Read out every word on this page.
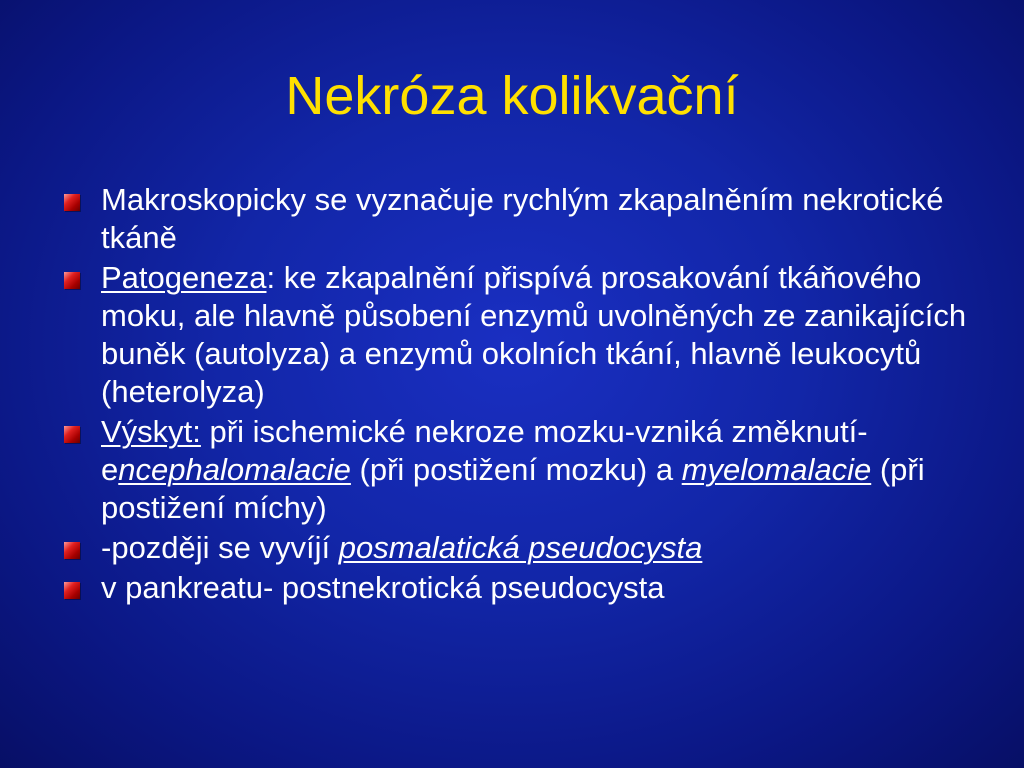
Nekróza kolikvační
Makroskopicky se vyznačuje rychlým zkapalněním nekrotické tkáně
Patogeneza: ke zkapalnění přispívá prosakování tkáňového moku, ale hlavně působení enzymů uvolněných ze zanikajících buněk (autolyza) a enzymů okolních tkání, hlavně leukocytů (heterolyza)
Výskyt: při ischemické nekroze mozku-vzniká změknutí-encephalomalacie (při postižení mozku) a myelomalacie (při postižení míchy)
-později se vyvíjí posmalatická pseudocysta
v pankreatu- postnekrotická pseudocysta
